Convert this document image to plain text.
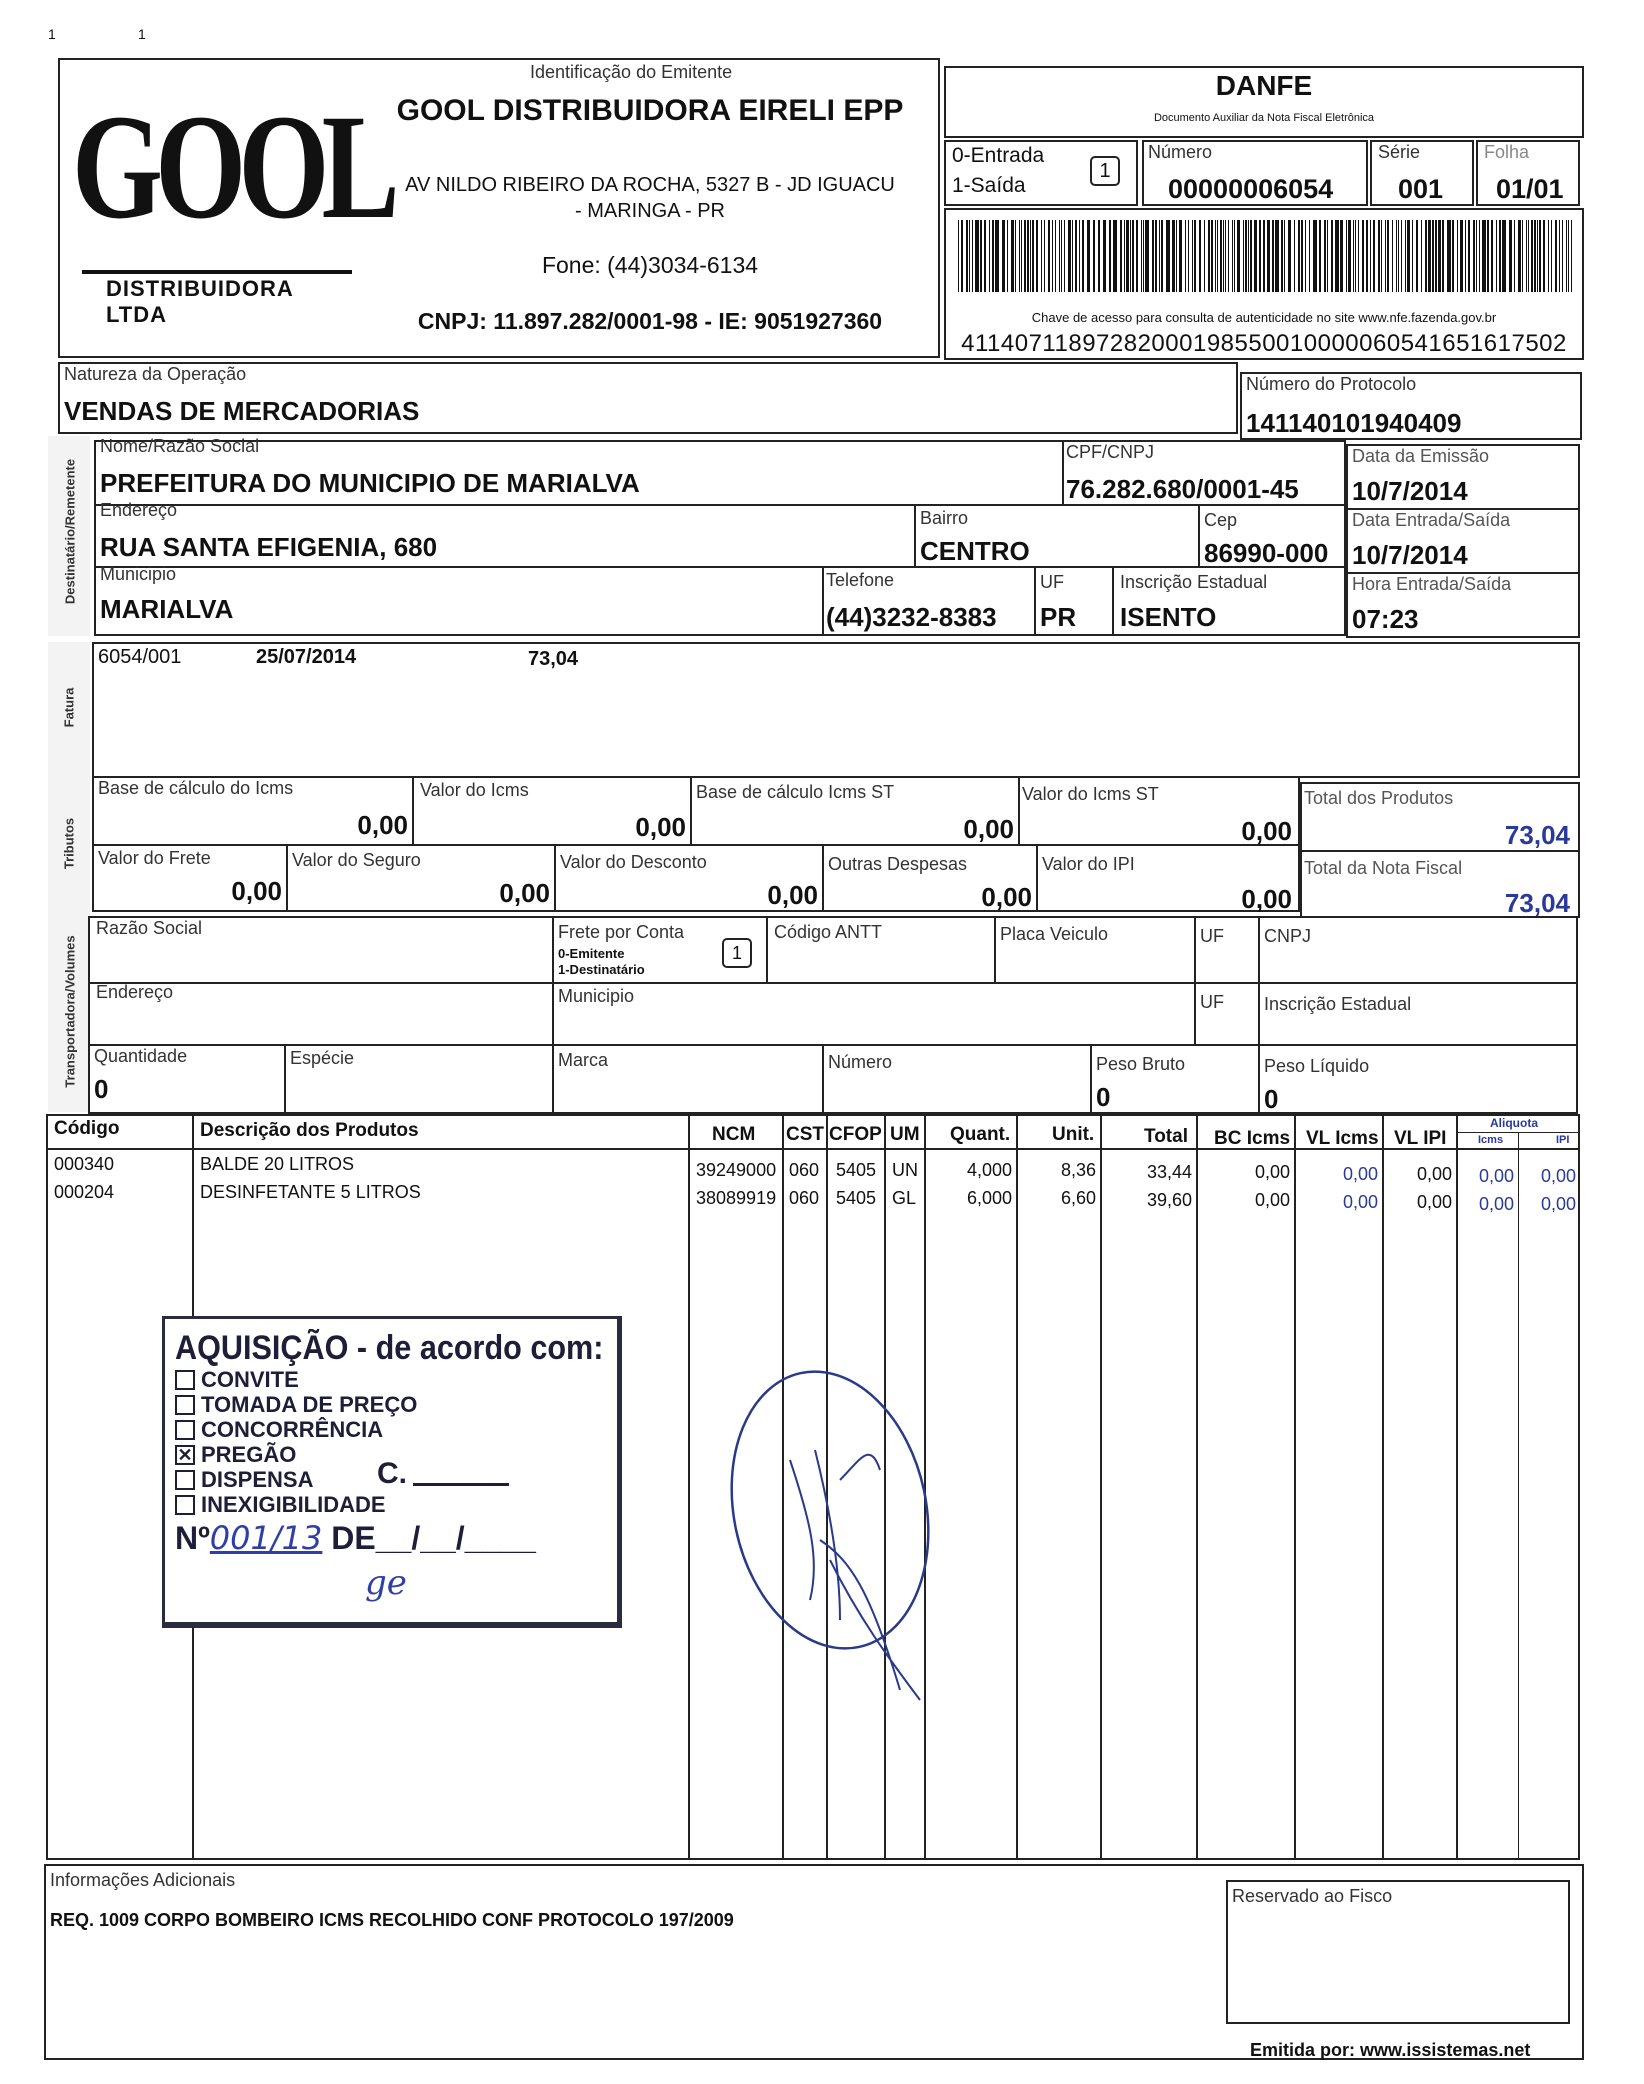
1	1
Identificação do Emitente
GOOL
DISTRIBUIDORA LTDA
GOOL DISTRIBUIDORA EIRELI EPP
AV NILDO RIBEIRO DA ROCHA, 5327 B - JD IGUACU
- MARINGA - PR
Fone: (44)3034-6134
CNPJ: 11.897.282/0001-98 - IE: 9051927360
DANFE
Documento Auxiliar da Nota Fiscal Eletrônica
0-Entrada
1-Saída
1
Número
00000006054
Série
001
Folha
01/01
Chave de acesso para consulta de autenticidade no site www.nfe.fazenda.gov.br
41140711897282000198550010000060541651617502
Natureza da Operação
VENDAS DE MERCADORIAS
Número do Protocolo
141140101940409
Destinatário/Remetente
Nome/Razão Social
PREFEITURA DO MUNICIPIO DE MARIALVA
CPF/CNPJ
76.282.680/0001-45
Endereço
RUA SANTA EFIGENIA, 680
Bairro
CENTRO
Cep
86990-000
Municipio
MARIALVA
Telefone
(44)3232-8383
UF
PR
Inscrição Estadual
ISENTO
Data da Emissão
10/7/2014
Data Entrada/Saída
10/7/2014
Hora Entrada/Saída
07:23
Fatura
6054/001	25/07/2014	73,04
Tributos
Base de cálculo do Icms
0,00
Valor do Icms
0,00
Base de cálculo Icms ST
0,00
Valor do Icms ST
0,00
Valor do Frete
0,00
Valor do Seguro
0,00
Valor do Desconto
0,00
Outras Despesas
0,00
Valor do IPI
0,00
Total dos Produtos
73,04
Total da Nota Fiscal
73,04
Transportadora/Volumes
Razão Social	Frete por Conta
0-Emitente
1-Destinatário
1
Código ANTT	Placa Veiculo	UF CNPJ
Endereço	Municipio	UF Inscrição Estadual
Quantidade
0
Espécie	Marca	Número	Peso Bruto
0
Peso Líquido
0
Código	Descrição dos Produtos	NCM CST CFOP UM Quant. Unit.	Total BC Icms VL Icms VL IPI
Aliquota
Icms	IPI
000340	BALDE 20 LITROS	39249000 060 5405 UN	4,000	8,36	33,44	0,00	0,00	0,00	0,00	0,00
000204	DESINFETANTE 5 LITROS	38089919 060 5405 GL	6,000	6,60	39,60	0,00	0,00	0,00	0,00	0,00
AQUISIÇÃO - de acordo com:
CONVITE
TOMADA DE PREÇO
CONCORRÊNCIA
✕ PREGÃO
DISPENSA
INEXIGIBILIDADE
C.
Nº001/13 DE__/__/____
ge
Informações Adicionais
REQ. 1009 CORPO BOMBEIRO ICMS RECOLHIDO CONF PROTOCOLO 197/2009
Reservado ao Fisco
Emitida por: www.issistemas.net
